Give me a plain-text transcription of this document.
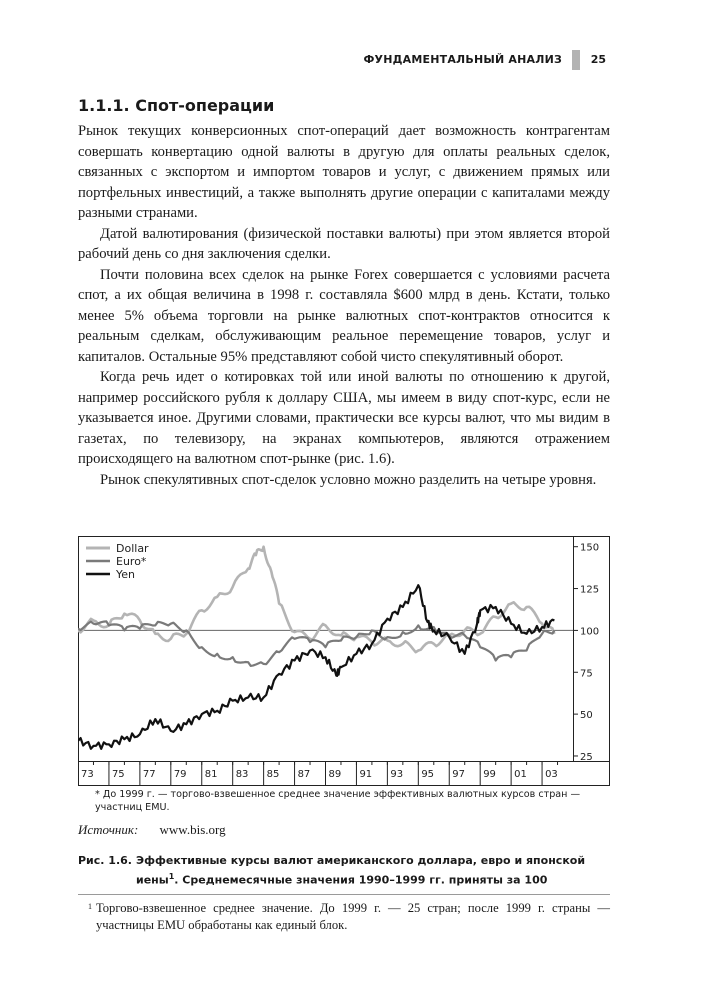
ФУНДАМЕНТАЛЬНЫЙ АНАЛИЗ	25
1.1.1. Спот-операции

Рынок текущих конверсионных спот-операций дает возможность контрагентам совершать конвертацию одной валюты в другую для оплаты реальных сделок, связанных с экспортом и импортом товаров и услуг, с движением прямых или портфельных инвестиций, а также выполнять другие операции с капиталами между разными странами.

Датой валютирования (физической поставки валюты) при этом является второй рабочий день со дня заключения сделки.

Почти половина всех сделок на рынке Forex совершается с условиями расчета спот, а их общая величина в 1998 г. составляла $600 млрд в день. Кстати, только менее 5% объема торговли на рынке валютных спот-контрактов относится к реальным сделкам, обслуживающим реальное перемещение товаров, услуг и капиталов. Остальные 95% представляют собой чисто спекулятивный оборот.

Когда речь идет о котировках той или иной валюты по отношению к другой, например российского рубля к доллару США, мы имеем в виду спот-курс, если не указывается иное. Другими словами, практически все курсы валют, что мы видим в газетах, по телевизору, на экранах компьютеров, являются отражением происходящего на валютном спот-рынке (рис. 1.6).

Рынок спекулятивных спот-сделок условно можно разделить на четыре уровня.

150
125
100
75
50
25
73 75 77 79 81 83 85 87 89 91 93 95 97 99 01 03
Dollar
Euro*
Yen
* До 1999 г. — торгово-взвешенное среднее значение эффективных валютных курсов стран — участниц EMU.
Источник: www.bis.org
Рис. 1.6. Эффективные курсы валют американского доллара, евро и японской иены$^1$. Среднемесячные значения 1990–1999 гг. приняты за 100
1 Торгово-взвешенное среднее значение. До 1999 г. — 25 стран; после 1999 г. страны — участницы EMU обработаны как единый блок.
